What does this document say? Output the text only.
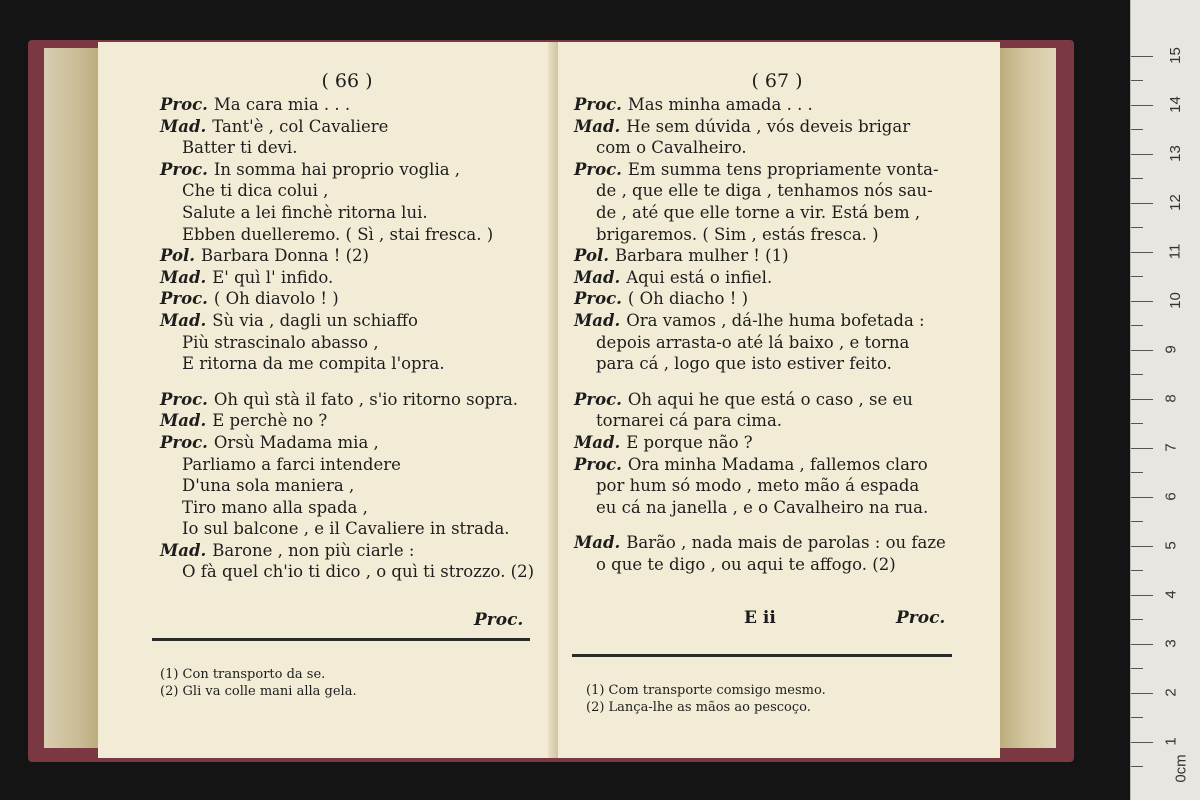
( 66 )
Proc. Ma cara mia . . .
Mad. Tant'è , col Cavaliere
Batter ti devi.
Proc. In somma hai proprio voglia ,
Che ti dica colui ,
Salute a lei finchè ritorna lui.
Ebben duelleremo. ( Sì , stai fresca. )
Pol. Barbara Donna ! (2)
Mad. E' quì l' infido.
Proc. ( Oh diavolo ! )
Mad. Sù via , dagli un schiaffo
Più strascinalo abasso ,
E ritorna da me compita l'opra.
Proc. Oh quì stà il fato , s'io ritorno sopra.
Mad. E perchè no ?
Proc. Orsù Madama mia ,
Parliamo a farci intendere
D'una sola maniera ,
Tiro mano alla spada ,
Io sul balcone , e il Cavaliere in strada.
Mad. Barone , non più ciarle :
O fà quel ch'io ti dico , o quì ti strozzo. (2)
Proc.
(1) Con transporto da se.
(2) Gli va colle mani alla gela.
( 67 )
Proc. Mas minha amada . . .
Mad. He sem dúvida , vós deveis brigar
com o Cavalheiro.
Proc. Em summa tens propriamente vonta-
de , que elle te diga , tenhamos nós sau-
de , até que elle torne a vir. Está bem ,
brigaremos. ( Sim , estás fresca. )
Pol. Barbara mulher ! (1)
Mad. Aqui está o infiel.
Proc. ( Oh diacho ! )
Mad. Ora vamos , dá-lhe huma bofetada :
depois arrasta-o até lá baixo , e torna
para cá , logo que isto estiver feito.
Proc. Oh aqui he que está o caso , se eu
tornarei cá para cima.
Mad. E porque não ?
Proc. Ora minha Madama , fallemos claro
por hum só modo , meto mão á espada
eu cá na janella , e o Cavalheiro na rua.
Mad. Barão , nada mais de parolas : ou faze
o que te digo , ou aqui te affogo. (2)
E ii	Proc.
(1) Com transporte comsigo mesmo.
(2) Lança-lhe as mãos ao pescoço.
0cm
1
2
3
4
5
6
7
8
9
10
11
12
13
14
15
